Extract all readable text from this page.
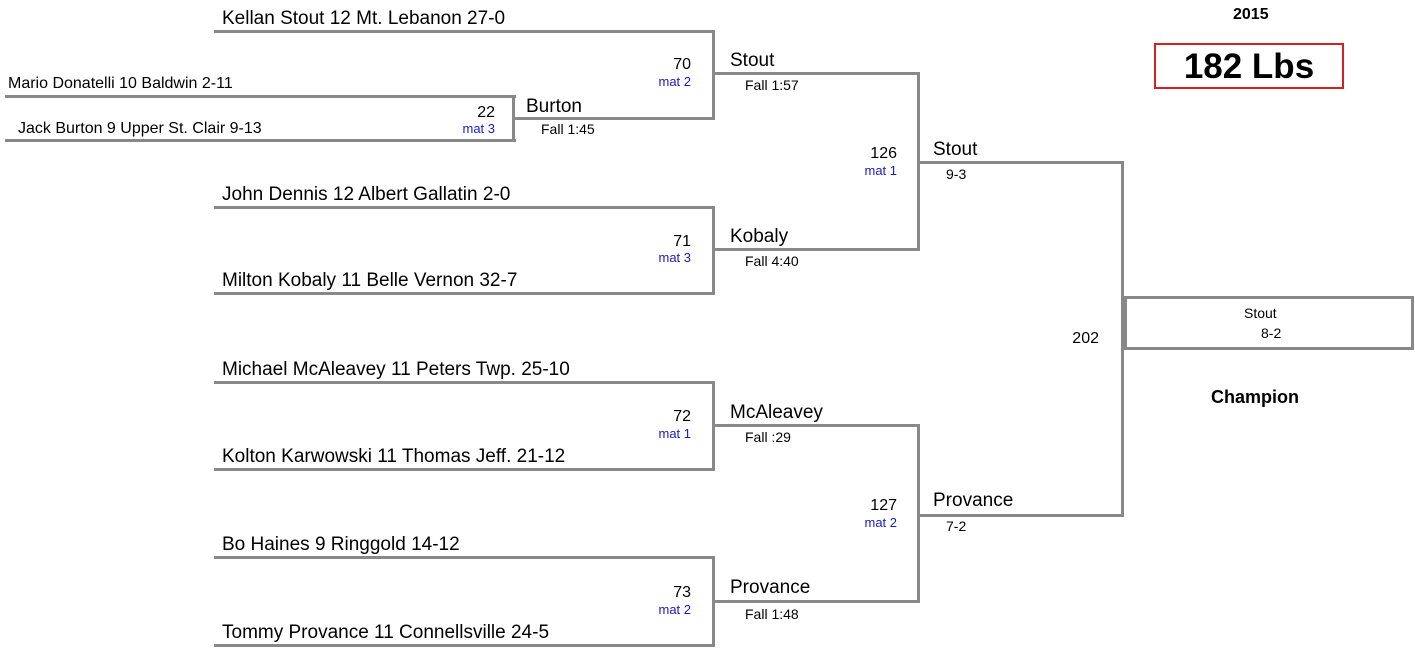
2015
182 Lbs
Mario Donatelli 10 Baldwin 2-11
Jack Burton 9 Upper St. Clair 9-13
22
mat 3
Burton
Fall 1:45
Kellan Stout 12 Mt. Lebanon 27-0
70
mat 2
Stout
Fall 1:57
John Dennis 12 Albert Gallatin 2-0
Milton Kobaly 11 Belle Vernon 32-7
71
mat 3
Kobaly
Fall 4:40
Michael McAleavey 11 Peters Twp. 25-10
Kolton Karwowski 11 Thomas Jeff. 21-12
72
mat 1
McAleavey
Fall :29
Bo Haines 9 Ringgold 14-12
Tommy Provance 11 Connellsville 24-5
73
mat 2
Provance
Fall 1:48
126
mat 1
Stout
9-3
127
mat 2
Provance
7-2
202
Stout
8-2
Champion
